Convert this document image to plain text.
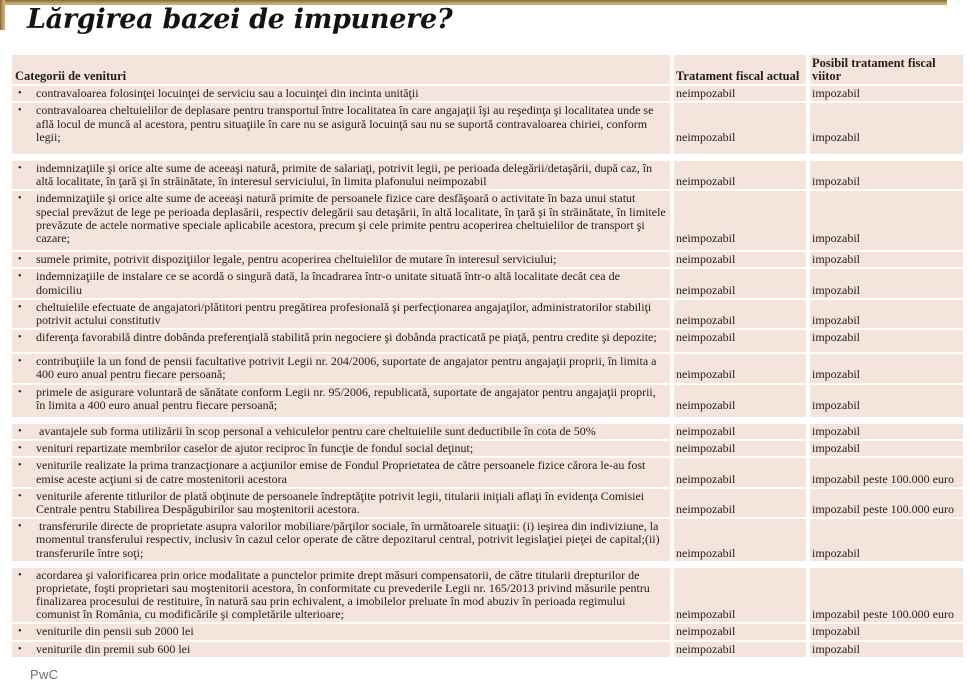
Lărgirea bazei de impunere?
Categorii de venituri	Tratament fiscal actual	Posibil tratament fiscal viitor

• contravaloarea folosinţei locuinţei de serviciu sau a locuinţei din incinta unităţii	neimpozabil	impozabil

• contravaloarea cheltuielilor de deplasare pentru transportul între localitatea în care angajaţii îşi au reşedinţa şi localitatea unde se află locul de muncă al acestora, pentru situaţiile în care nu se asigură locuinţă sau nu se suportă contravaloarea chiriei, conform legii;	neimpozabil	impozabil

• indemnizaţiile şi orice alte sume de aceeaşi natură, primite de salariaţi, potrivit legii, pe perioada delegării/detaşării, după caz, în altă localitate, în ţară şi în străinătate, în interesul serviciului, în limita plafonului neimpozabil	neimpozabil	impozabil

• indemnizaţiile şi orice alte sume de aceeaşi natură primite de persoanele fizice care desfăşoară o activitate în baza unui statut special prevăzut de lege pe perioada deplasării, respectiv delegării sau detaşării, în altă localitate, în ţară şi în străinătate, în limitele prevăzute de actele normative speciale aplicabile acestora, precum şi cele primite pentru acoperirea cheltuielilor de transport şi cazare;	neimpozabil	impozabil

• sumele primite, potrivit dispoziţiilor legale, pentru acoperirea cheltuielilor de mutare în interesul serviciului;	neimpozabil	impozabil

• indemnizaţiile de instalare ce se acordă o singură dată, la încadrarea într-o unitate situată într-o altă localitate decât cea de domiciliu	neimpozabil	impozabil

• cheltuielile efectuate de angajatori/plătitori pentru pregătirea profesională şi perfecţionarea angajaţilor, administratorilor stabiliţi potrivit actului constitutiv	neimpozabil	impozabil

• diferenţa favorabilă dintre dobânda preferenţială stabilită prin negociere şi dobânda practicată pe piaţă, pentru credite şi depozite;	neimpozabil	impozabil

• contribuţiile la un fond de pensii facultative potrivit Legii nr. 204/2006, suportate de angajator pentru angajaţii proprii, în limita a 400 euro anual pentru fiecare persoană;	neimpozabil	impozabil

• primele de asigurare voluntară de sănătate conform Legii nr. 95/2006, republicată, suportate de angajator pentru angajaţii proprii, în limita a 400 euro anual pentru fiecare persoană;	neimpozabil	impozabil

• avantajele sub forma utilizării în scop personal a vehiculelor pentru care cheltuielile sunt deductibile în cota de 50%	neimpozabil	impozabil

• venituri repartizate membrilor caselor de ajutor reciproc în funcţie de fondul social deţinut;	neimpozabil	impozabil

• veniturile realizate la prima tranzacţionare a acţiunilor emise de Fondul Proprietatea de către persoanele fizice cărora le-au fost emise aceste acţiuni si de catre mostenitorii acestora	neimpozabil	impozabil peste 100.000 euro

• veniturile aferente titlurilor de plată obţinute de persoanele îndreptăţite potrivit legii, titularii iniţiali aflaţi în evidenţa Comisiei Centrale pentru Stabilirea Despăgubirilor sau moştenitorii acestora.	neimpozabil	impozabil peste 100.000 euro

• transferurile directe de proprietate asupra valorilor mobiliare/părţilor sociale, în următoarele situaţii: (i) ieşirea din indiviziune, la momentul transferului respectiv, inclusiv în cazul celor operate de către depozitarul central, potrivit legislaţiei pieţei de capital;(ii) transferurile între soţi;	neimpozabil	impozabil

• acordarea şi valorificarea prin orice modalitate a punctelor primite drept măsuri compensatorii, de către titularii drepturilor de proprietate, foşti proprietari sau moştenitorii acestora, în conformitate cu prevederile Legii nr. 165/2013 privind măsurile pentru finalizarea procesului de restituire, în natură sau prin echivalent, a imobilelor preluate în mod abuziv în perioada regimului comunist în România, cu modificările şi completările ulterioare;	neimpozabil	impozabil peste 100.000 euro

• veniturile din pensii sub 2000 lei	neimpozabil	impozabil

• veniturile din premii sub 600 lei	neimpozabil	impozabil
PwC
